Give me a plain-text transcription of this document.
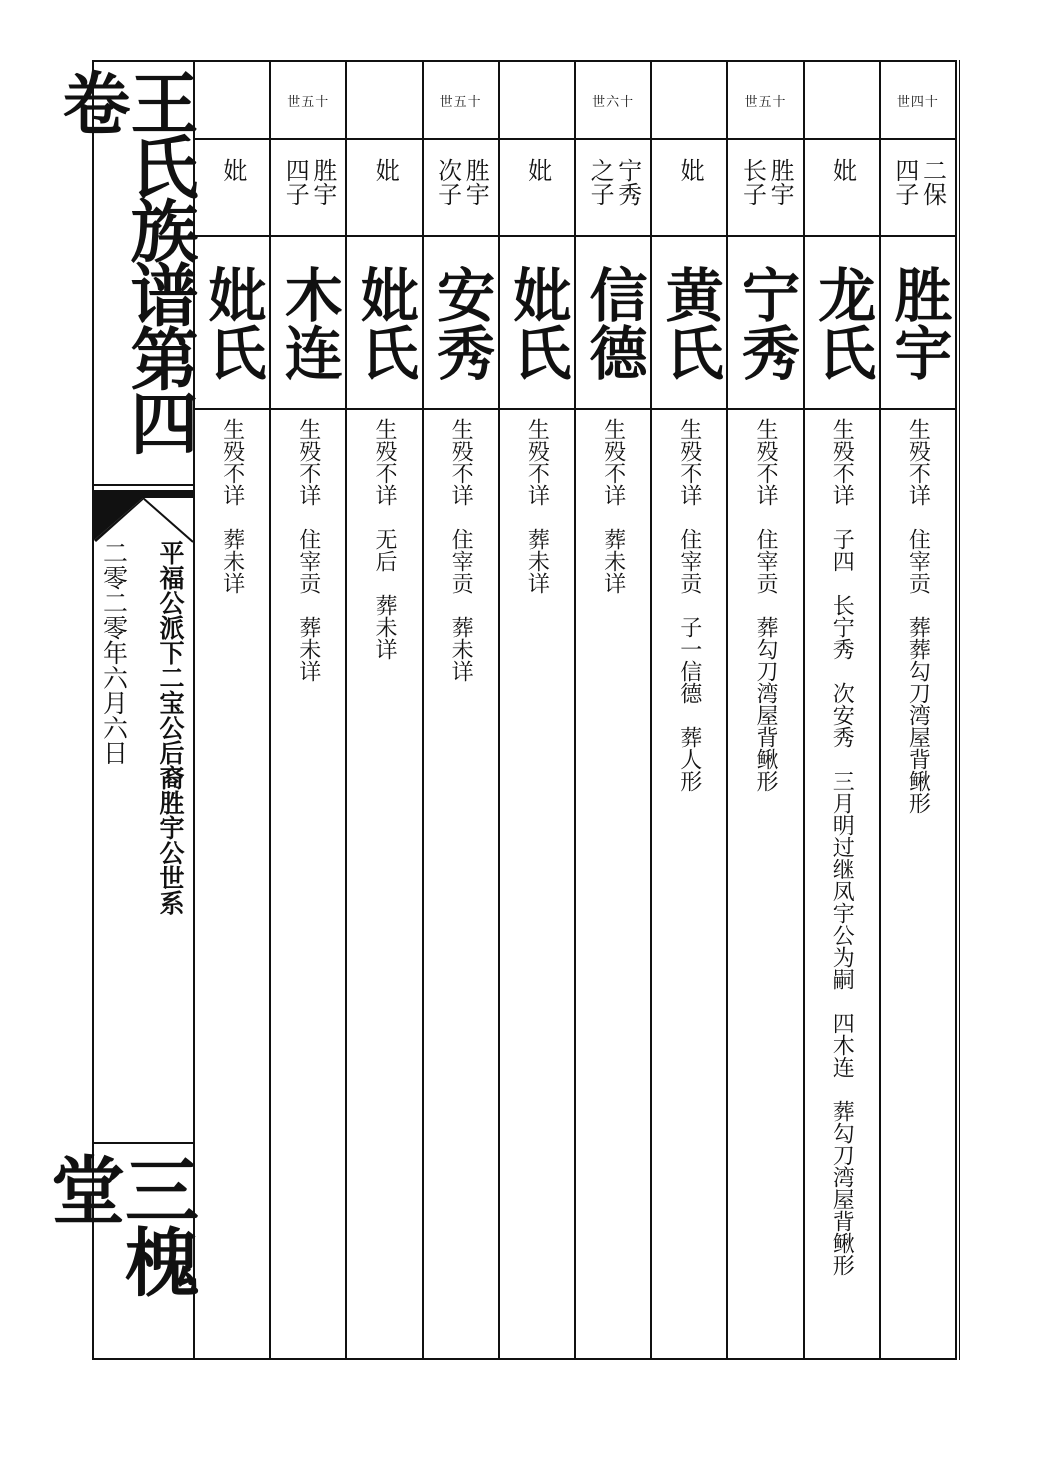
王氏族谱第四卷
平福公派下二宝公后裔胜宇公世系
二零二零年六月六日
三槐堂
世四十
二保　四子
胜宇
生殁不详　住宰贡　葬葬勾刀湾屋背鳅形
妣
龙氏
生殁不详　子四　长宁秀　次安秀　三月明过继凤宇公为嗣　四木连　葬勾刀湾屋背鳅形
世五十
胜宇　长子
宁秀
生殁不详　住宰贡　葬勾刀湾屋背鳅形
妣
黄氏
生殁不详　住宰贡　子一信德　葬人形
世六十
宁秀　之子
信德
生殁不详　葬未详
妣
妣氏
生殁不详　葬未详
世五十
胜宇　次子
安秀
生殁不详　住宰贡　葬未详
妣
妣氏
生殁不详　无后　葬未详
世五十
胜宇　四子
木连
生殁不详　住宰贡　葬未详
妣
妣氏
生殁不详　葬未详
